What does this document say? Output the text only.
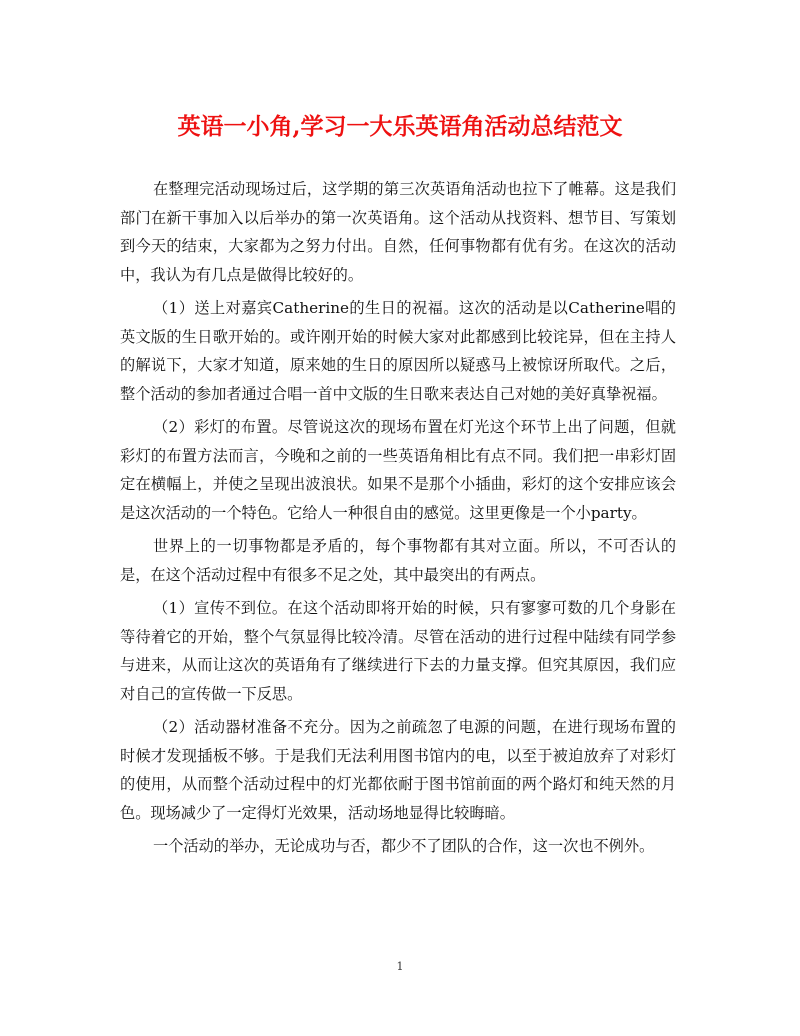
英语一小角,学习一大乐英语角活动总结范文

在整理完活动现场过后，这学期的第三次英语角活动也拉下了帷幕。这是我们部门在新干事加入以后举办的第一次英语角。这个活动从找资料、想节目、写策划到今天的结束，大家都为之努力付出。自然，任何事物都有优有劣。在这次的活动中，我认为有几点是做得比较好的。

（1）送上对嘉宾Catherine的生日的祝福。这次的活动是以Catherine唱的英文版的生日歌开始的。或许刚开始的时候大家对此都感到比较诧异，但在主持人的解说下，大家才知道，原来她的生日的原因所以疑惑马上被惊讶所取代。之后，整个活动的参加者通过合唱一首中文版的生日歌来表达自己对她的美好真挚祝福。

（2）彩灯的布置。尽管说这次的现场布置在灯光这个环节上出了问题，但就彩灯的布置方法而言，今晚和之前的一些英语角相比有点不同。我们把一串彩灯固定在横幅上，并使之呈现出波浪状。如果不是那个小插曲，彩灯的这个安排应该会是这次活动的一个特色。它给人一种很自由的感觉。这里更像是一个小party。

世界上的一切事物都是矛盾的，每个事物都有其对立面。所以，不可否认的是，在这个活动过程中有很多不足之处，其中最突出的有两点。

（1）宣传不到位。在这个活动即将开始的时候，只有寥寥可数的几个身影在等待着它的开始，整个气氛显得比较冷清。尽管在活动的进行过程中陆续有同学参与进来，从而让这次的英语角有了继续进行下去的力量支撑。但究其原因，我们应对自己的宣传做一下反思。

（2）活动器材准备不充分。因为之前疏忽了电源的问题，在进行现场布置的时候才发现插板不够。于是我们无法利用图书馆内的电，以至于被迫放弃了对彩灯的使用，从而整个活动过程中的灯光都依耐于图书馆前面的两个路灯和纯天然的月色。现场减少了一定得灯光效果，活动场地显得比较晦暗。

一个活动的举办，无论成功与否，都少不了团队的合作，这一次也不例外。

1
